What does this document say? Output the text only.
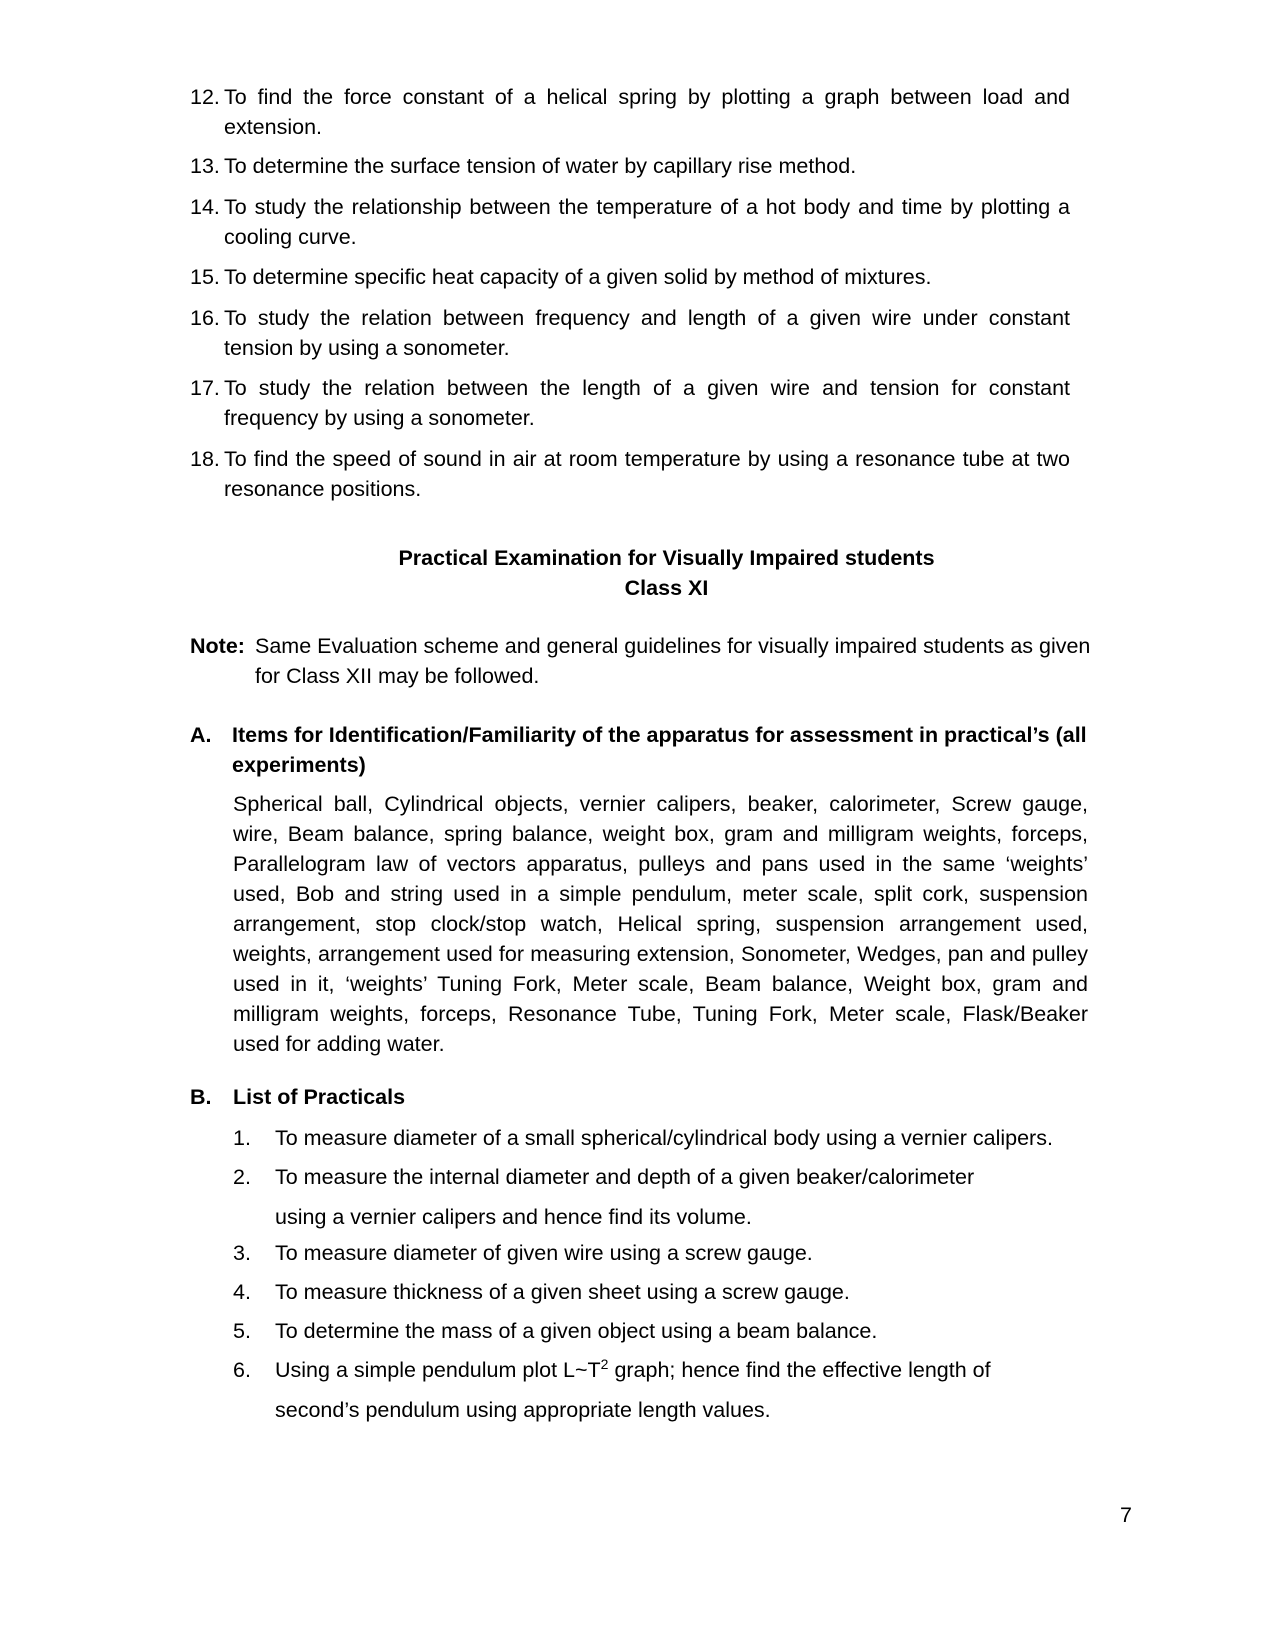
12. To find the force constant of a helical spring by plotting a graph between load and extension.
13. To determine the surface tension of water by capillary rise method.
14. To study the relationship between the temperature of a hot body and time by plotting a cooling curve.
15. To determine specific heat capacity of a given solid by method of mixtures.
16. To study the relation between frequency and length of a given wire under constant tension by using a sonometer.
17. To study the relation between the length of a given wire and tension for constant frequency by using a sonometer.
18. To find the speed of sound in air at room temperature by using a resonance tube at two resonance positions.
Practical Examination for Visually Impaired students
Class XI
Note: Same Evaluation scheme and general guidelines for visually impaired students as given for Class XII may be followed.
A. Items for Identification/Familiarity of the apparatus for assessment in practical’s (all experiments)
Spherical ball, Cylindrical objects, vernier calipers, beaker, calorimeter, Screw gauge, wire, Beam balance, spring balance, weight box, gram and milligram weights, forceps, Parallelogram law of vectors apparatus, pulleys and pans used in the same ‘weights’ used, Bob and string used in a simple pendulum, meter scale, split cork, suspension arrangement, stop clock/stop watch, Helical spring, suspension arrangement used, weights, arrangement used for measuring extension, Sonometer, Wedges, pan and pulley used in it, ‘weights’ Tuning Fork, Meter scale, Beam balance, Weight box, gram and milligram weights, forceps, Resonance Tube, Tuning Fork, Meter scale, Flask/Beaker used for adding water.
B. List of Practicals
1. To measure diameter of a small spherical/cylindrical body using a vernier calipers.
2. To measure the internal diameter and depth of a given beaker/calorimeter using a vernier calipers and hence find its volume.
3. To measure diameter of given wire using a screw gauge.
4. To measure thickness of a given sheet using a screw gauge.
5. To determine the mass of a given object using a beam balance.
6. Using a simple pendulum plot $L\sim T^2$ graph; hence find the effective length of second’s pendulum using appropriate length values.
7
